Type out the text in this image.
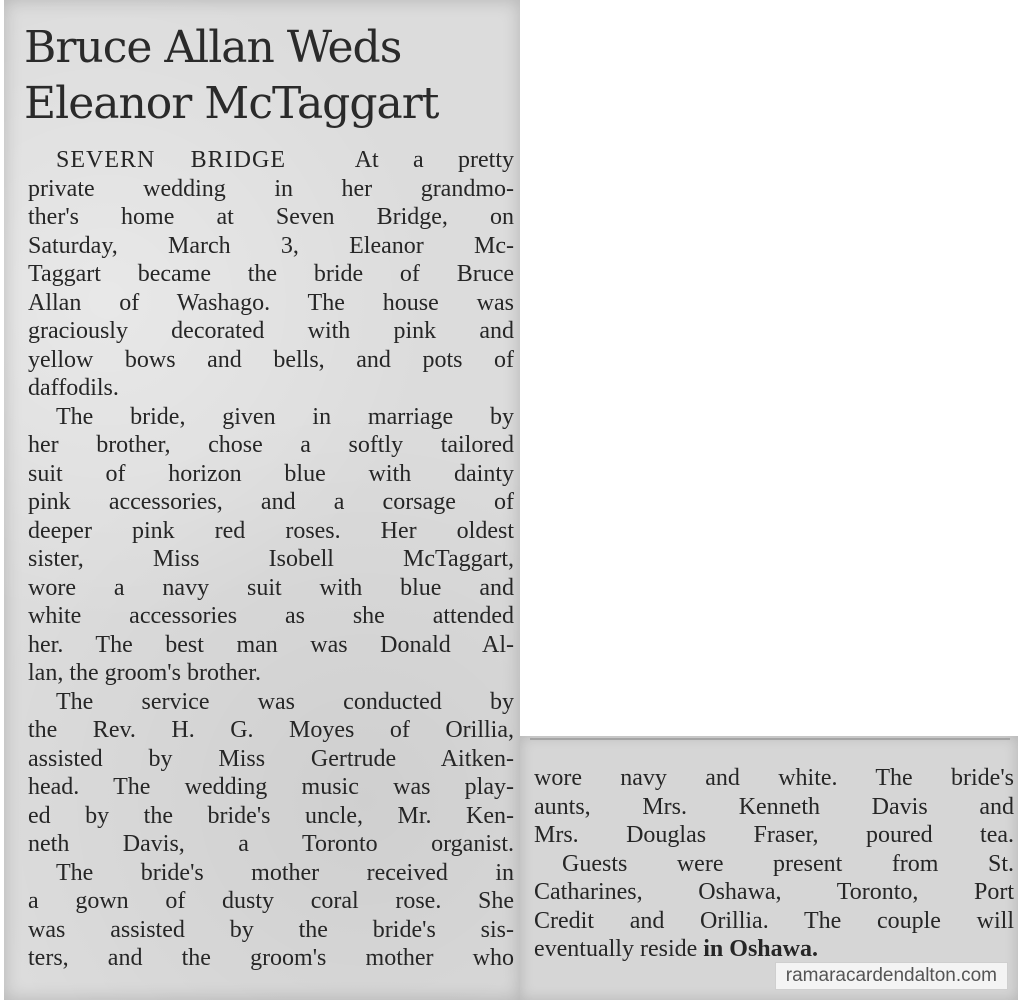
Bruce Allan Weds
Eleanor McTaggart
SEVERN BRIDGE	At a pretty
private wedding in her grandmo-
ther's home at Seven Bridge, on
Saturday, March 3, Eleanor Mc-
Taggart became the bride of Bruce
Allan of Washago. The house was
graciously decorated with pink and
yellow bows and bells, and pots of
daffodils.
The bride, given in marriage by
her brother, chose a softly tailored
suit of horizon blue with dainty
pink accessories, and a corsage of
deeper pink red roses. Her oldest
sister, Miss Isobell McTaggart,
wore a navy suit with blue and
white accessories as she attended
her. The best man was Donald Al-
lan, the groom's brother.
The service was conducted by
the Rev. H. G. Moyes of Orillia,
assisted by Miss Gertrude Aitken-
head. The wedding music was play-
ed by the bride's uncle, Mr. Ken-
neth Davis, a Toronto organist.
The bride's mother received in
a gown of dusty coral rose. She
was assisted by the bride's sis-
ters, and the groom's mother who
wore navy and white. The bride's
aunts, Mrs. Kenneth Davis and
Mrs. Douglas Fraser, poured tea.
Guests were present from St.
Catharines, Oshawa, Toronto, Port
Credit and Orillia. The couple will
eventually reside in Oshawa.
ramaracardendalton.com
